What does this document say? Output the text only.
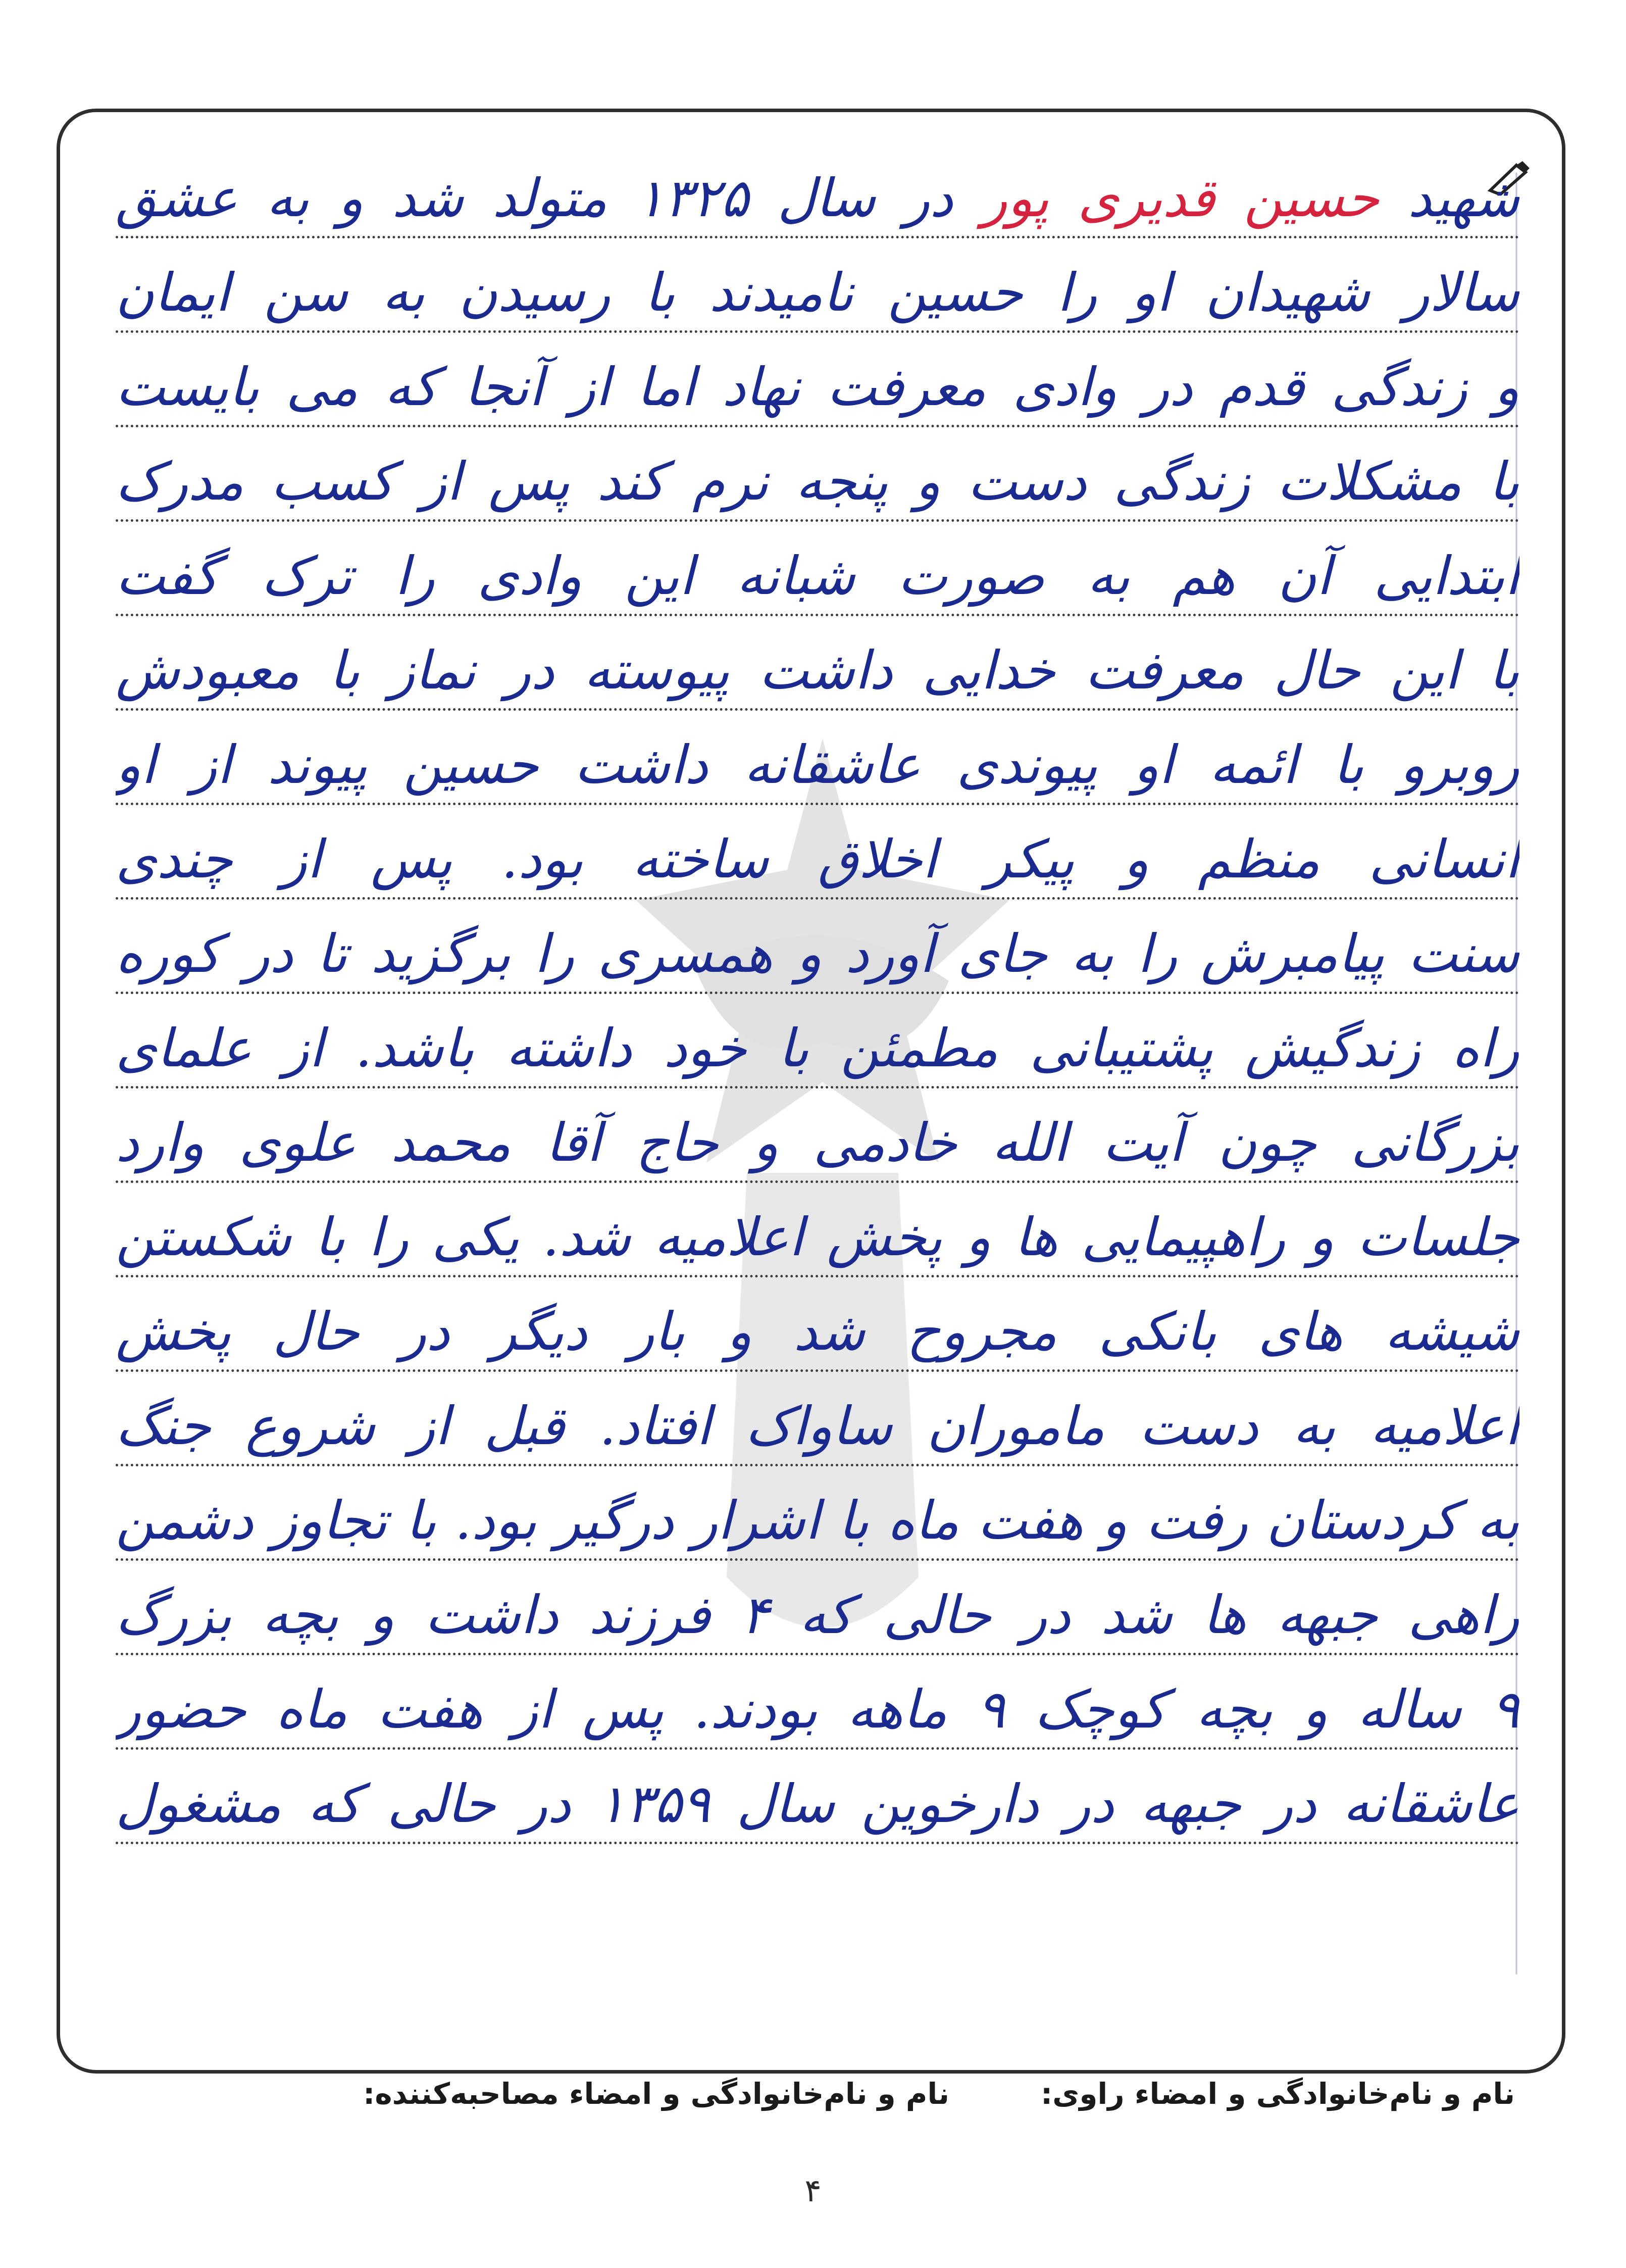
شهید حسین قدیری پور در سال ۱۳۲۵ متولد شد و به عشق
سالار شهیدان او را حسین نامیدند با رسیدن به سن ایمان
و زندگی قدم در وادی معرفت نهاد اما از آنجا که می بایست
با مشکلات زندگی دست و پنجه نرم کند پس از کسب مدرک
ابتدایی آن هم به صورت شبانه این وادی را ترک گفت
با این حال معرفت خدایی داشت پیوسته در نماز با معبودش
روبرو با ائمه او پیوندی عاشقانه داشت حسین پیوند از او
انسانی منظم و پیکر اخلاق ساخته بود. پس از چندی
سنت پیامبرش را به جای آورد و همسری را برگزید تا در کوره
راه زندگیش پشتیبانی مطمئن با خود داشته باشد. از علمای
بزرگانی چون آیت الله خادمی و حاج آقا محمد علوی وارد
جلسات و راهپیمایی ها و پخش اعلامیه شد. یکی را با شکستن
شیشه های بانکی مجروح شد و بار دیگر در حال پخش
اعلامیه به دست ماموران ساواک افتاد. قبل از شروع جنگ
به کردستان رفت و هفت ماه با اشرار درگیر بود. با تجاوز دشمن
راهی جبهه ها شد در حالی که ۴ فرزند داشت و بچه بزرگ
۹ ساله و بچه کوچک ۹ ماهه بودند. پس از هفت ماه حضور
عاشقانه در جبهه در دارخوین سال ۱۳۵۹ در حالی که مشغول
نام و نام‌خانوادگی و امضاء راوی:
نام و نام‌خانوادگی و امضاء مصاحبه‌کننده:
۴
